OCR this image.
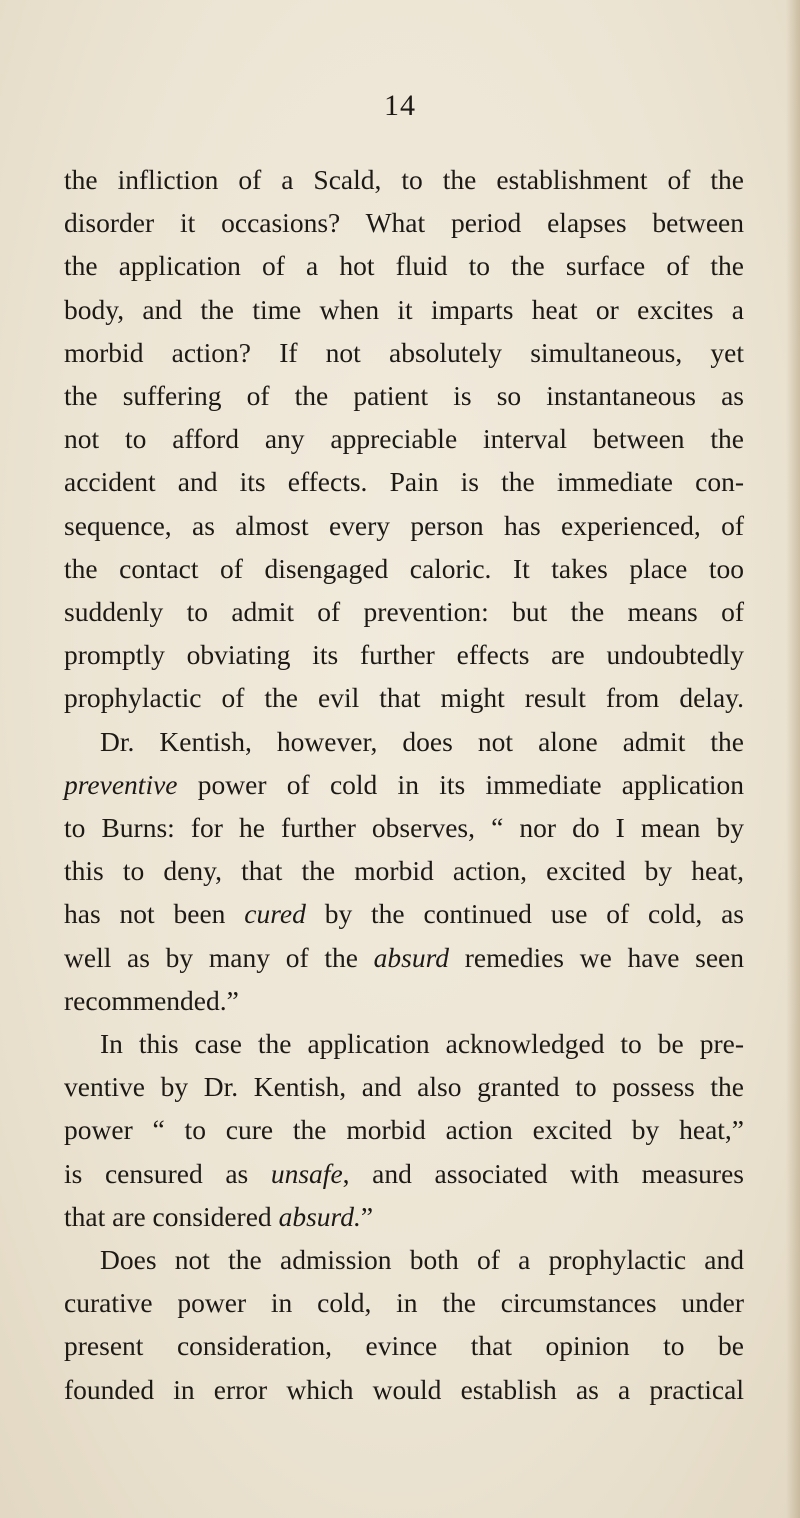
14
the infliction of a Scald, to the establishment of the
disorder it occasions? What period elapses between
the application of a hot fluid to the surface of the
body, and the time when it imparts heat or excites a
morbid action? If not absolutely simultaneous, yet
the suffering of the patient is so instantaneous as
not to afford any appreciable interval between the
accident and its effects. Pain is the immediate con-
sequence, as almost every person has experienced, of
the contact of disengaged caloric. It takes place too
suddenly to admit of prevention: but the means of
promptly obviating its further effects are undoubtedly
prophylactic of the evil that might result from delay.
Dr. Kentish, however, does not alone admit the
preventive power of cold in its immediate application
to Burns: for he further observes, “ nor do I mean by
this to deny, that the morbid action, excited by heat,
has not been cured by the continued use of cold, as
well as by many of the absurd remedies we have seen
recommended.”
In this case the application acknowledged to be pre-
ventive by Dr. Kentish, and also granted to possess the
power “ to cure the morbid action excited by heat,”
is censured as unsafe, and associated with measures
that are considered absurd.”
Does not the admission both of a prophylactic and
curative power in cold, in the circumstances under
present consideration, evince that opinion to be
founded in error which would establish as a practical
